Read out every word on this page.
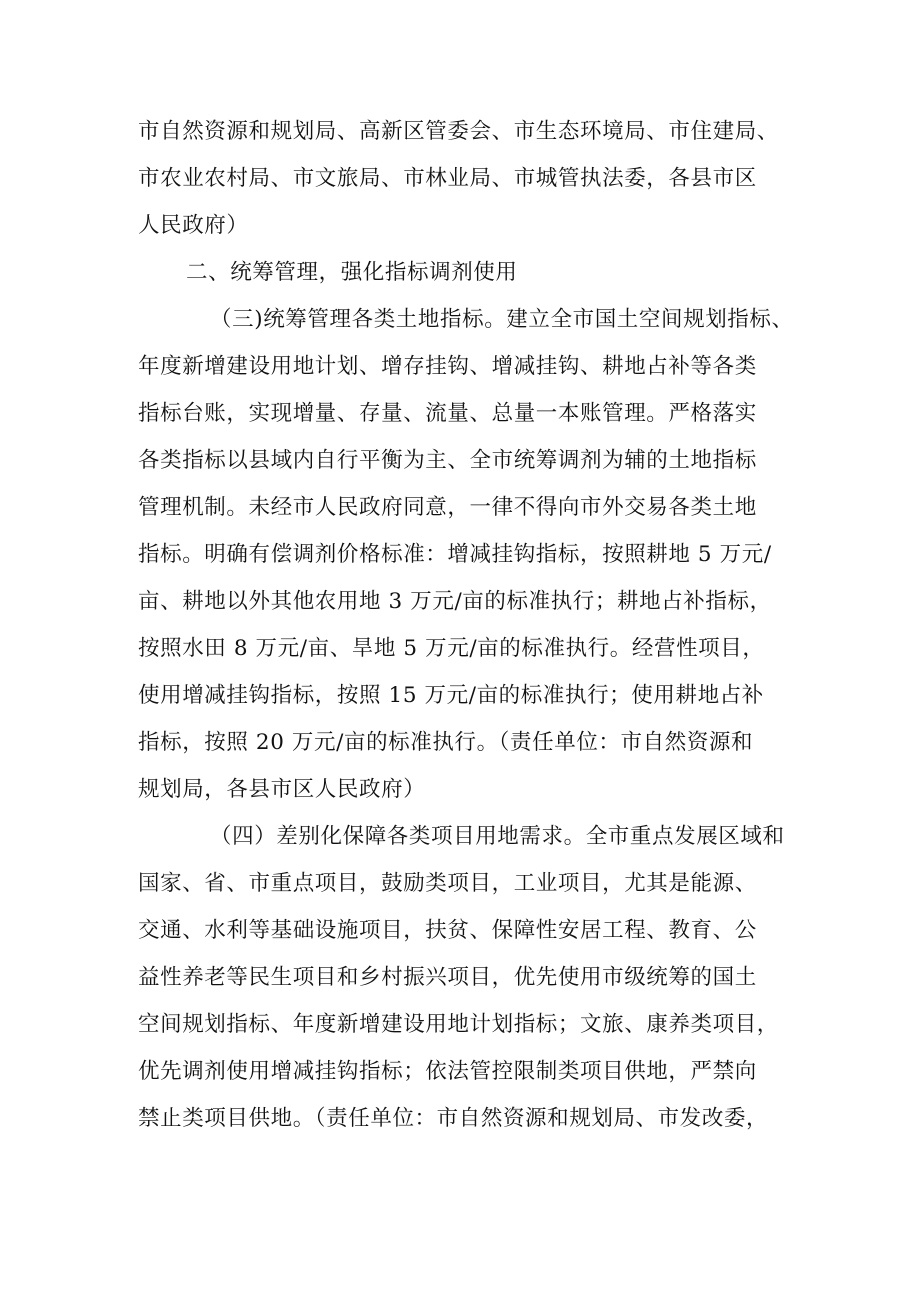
市自然资源和规划局、高新区管委会、市生态环境局、市住建局、
市农业农村局、市文旅局、市林业局、市城管执法委，各县市区
人民政府）
二、统筹管理，强化指标调剂使用
（三)统筹管理各类土地指标。建立全市国土空间规划指标、
年度新增建设用地计划、增存挂钩、增减挂钩、耕地占补等各类
指标台账，实现增量、存量、流量、总量一本账管理。严格落实
各类指标以县域内自行平衡为主、全市统筹调剂为辅的土地指标
管理机制。未经市人民政府同意，一律不得向市外交易各类土地
指标。明确有偿调剂价格标准：增减挂钩指标，按照耕地 5 万元/
亩、耕地以外其他农用地 3 万元/亩的标准执行；耕地占补指标，
按照水田 8 万元/亩、旱地 5 万元/亩的标准执行。经营性项目，
使用增减挂钩指标，按照 15 万元/亩的标准执行；使用耕地占补
指标，按照 20 万元/亩的标准执行。（责任单位：市自然资源和
规划局，各县市区人民政府）
（四）差别化保障各类项目用地需求。全市重点发展区域和
国家、省、市重点项目，鼓励类项目，工业项目，尤其是能源、
交通、水利等基础设施项目，扶贫、保障性安居工程、教育、公
益性养老等民生项目和乡村振兴项目，优先使用市级统筹的国土
空间规划指标、年度新增建设用地计划指标；文旅、康养类项目，
优先调剂使用增减挂钩指标；依法管控限制类项目供地，严禁向
禁止类项目供地。（责任单位：市自然资源和规划局、市发改委，
